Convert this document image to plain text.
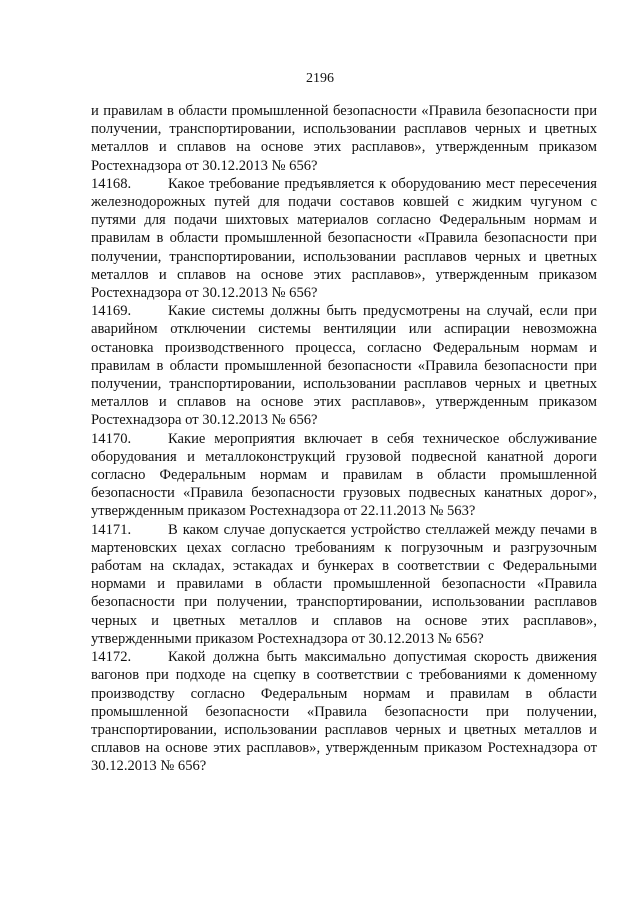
2196

и правилам в области промышленной безопасности «Правила безопасности при получении, транспортировании, использовании расплавов черных и цветных металлов и сплавов на основе этих расплавов», утвержденным приказом Ростехнадзора от 30.12.2013 № 656?

14168.	Какое требование предъявляется к оборудованию мест пересечения железнодорожных путей для подачи составов ковшей с жидким чугуном с путями для подачи шихтовых материалов согласно Федеральным нормам и правилам в области промышленной безопасности «Правила безопасности при получении, транспортировании, использовании расплавов черных и цветных металлов и сплавов на основе этих расплавов», утвержденным приказом Ростехнадзора от 30.12.2013 № 656?

14169.	Какие системы должны быть предусмотрены на случай, если при аварийном отключении системы вентиляции или аспирации невозможна остановка производственного процесса, согласно Федеральным нормам и правилам в области промышленной безопасности «Правила безопасности при получении, транспортировании, использовании расплавов черных и цветных металлов и сплавов на основе этих расплавов», утвержденным приказом Ростехнадзора от 30.12.2013 № 656?

14170.	Какие мероприятия включает в себя техническое обслуживание оборудования и металлоконструкций грузовой подвесной канатной дороги согласно Федеральным нормам и правилам в области промышленной безопасности «Правила безопасности грузовых подвесных канатных дорог», утвержденным приказом Ростехнадзора от 22.11.2013 № 563?

14171.	В каком случае допускается устройство стеллажей между печами в мартеновских цехах согласно требованиям к погрузочным и разгрузочным работам на складах, эстакадах и бункерах в соответствии с Федеральными нормами и правилами в области промышленной безопасности «Правила безопасности при получении, транспортировании, использовании расплавов черных и цветных металлов и сплавов на основе этих расплавов», утвержденными приказом Ростехнадзора от 30.12.2013 № 656?

14172.	Какой должна быть максимально допустимая скорость движения вагонов при подходе на сцепку в соответствии с требованиями к доменному производству согласно Федеральным нормам и правилам в области промышленной безопасности «Правила безопасности при получении, транспортировании, использовании расплавов черных и цветных металлов и сплавов на основе этих расплавов», утвержденным приказом Ростехнадзора от 30.12.2013 № 656?
